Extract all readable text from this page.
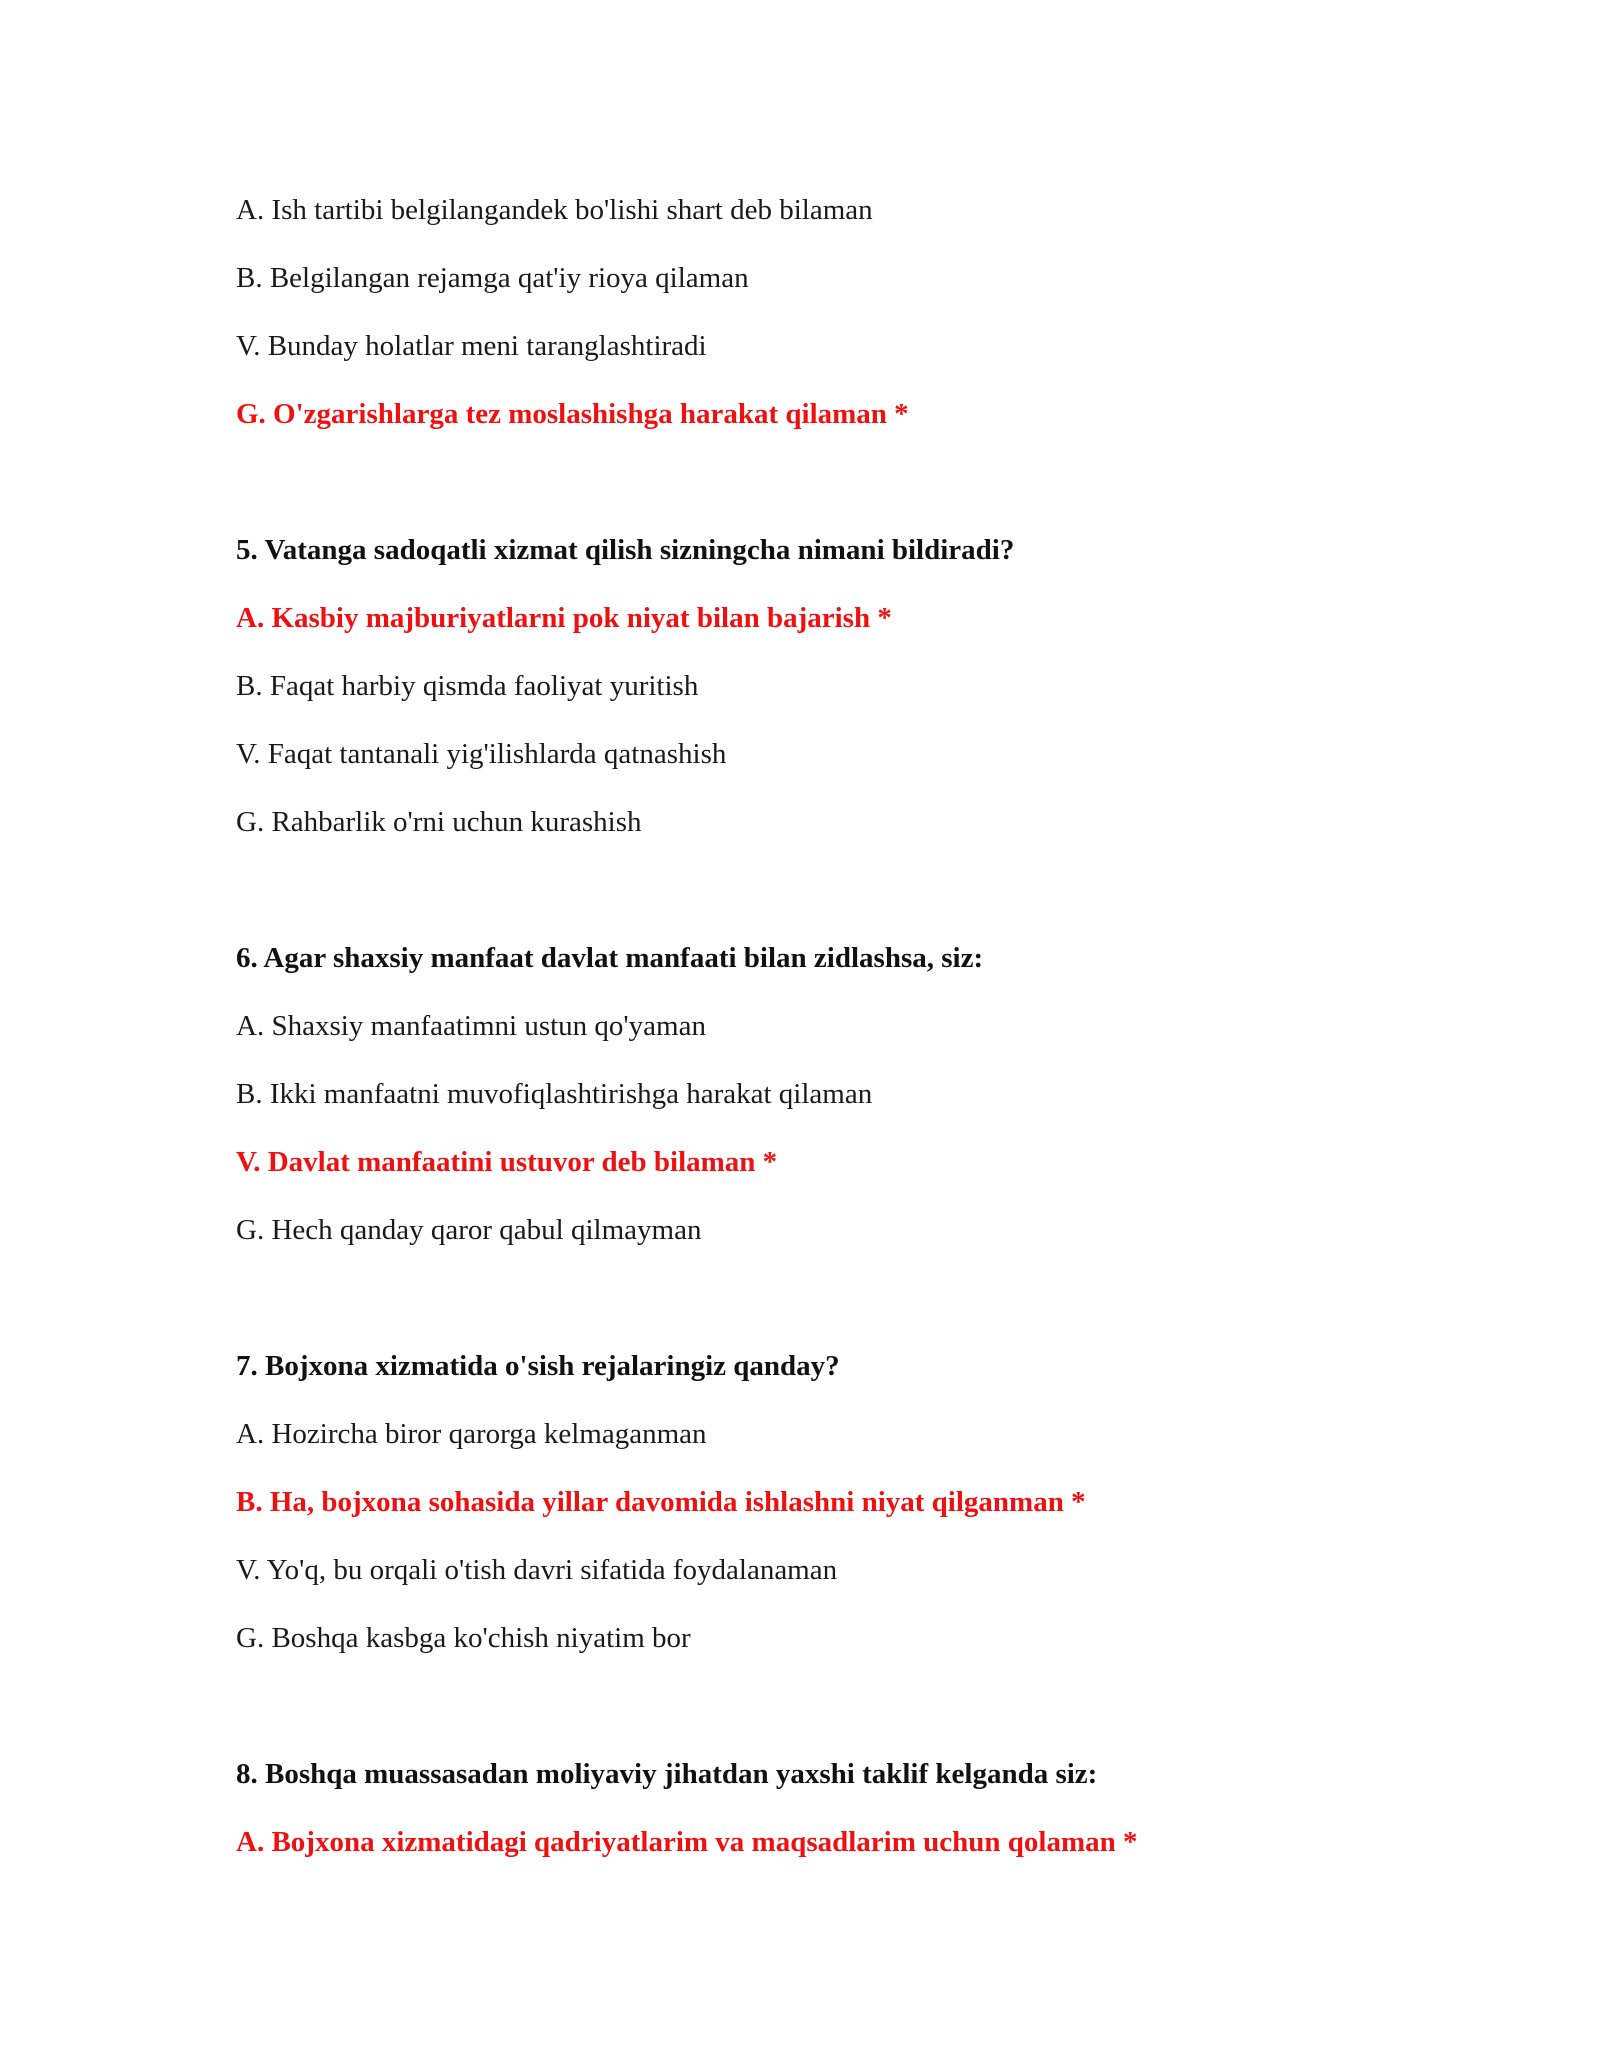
A. Ish tartibi belgilangandek bo'lishi shart deb bilaman
B. Belgilangan rejamga qat'iy rioya qilaman
V. Bunday holatlar meni taranglashtiradi
G. O'zgarishlarga tez moslashishga harakat qilaman *
5. Vatanga sadoqatli xizmat qilish sizningcha nimani bildiradi?
A. Kasbiy majburiyatlarni pok niyat bilan bajarish *
B. Faqat harbiy qismda faoliyat yuritish
V. Faqat tantanali yig'ilishlarda qatnashish
G. Rahbarlik o'rni uchun kurashish
6. Agar shaxsiy manfaat davlat manfaati bilan zidlashsa, siz:
A. Shaxsiy manfaatimni ustun qo'yaman
B. Ikki manfaatni muvofiqlashtirishga harakat qilaman
V. Davlat manfaatini ustuvor deb bilaman *
G. Hech qanday qaror qabul qilmayman
7. Bojxona xizmatida o'sish rejalaringiz qanday?
A. Hozircha biror qarorga kelmaganman
B. Ha, bojxona sohasida yillar davomida ishlashni niyat qilganman *
V. Yo'q, bu orqali o'tish davri sifatida foydalanaman
G. Boshqa kasbga ko'chish niyatim bor
8. Boshqa muassasadan moliyaviy jihatdan yaxshi taklif kelganda siz:
A. Bojxona xizmatidagi qadriyatlarim va maqsadlarim uchun qolaman *
